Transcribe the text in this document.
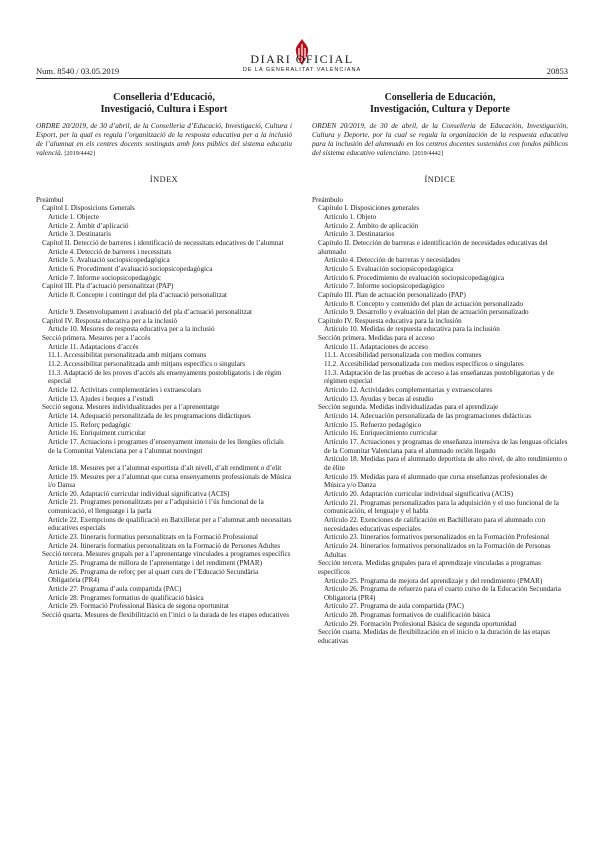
DIARI OFICIAL
DE LA GENERALITAT VALENCIANA
Num. 8540 / 03.05.2019	20853
Conselleria d’Educació,
Investigació, Cultura i Esport
ORDRE 20/2019, de 30 d’abril, de la Conselleria d’Educació, Investigació, Cultura i Esport, per la qual es regula l’organització de la resposta educativa per a la inclusió de l’alumnat en els centres docents sostinguts amb fons públics del sistema educatiu valencià. [2019/4442]
ÍNDEX
Preàmbul
Capítol I. Disposicions Generals
Article 1. Objecte
Article 2. Àmbit d’aplicació
Article 3. Destinataris
Capítol II. Detecció de barreres i identificació de necessitats educatives de l’alumnat
Article 4. Detecció de barreres i necessitats
Article 5. Avaluació sociopsicopedagògica
Article 6. Procediment d’avaluació sociopsicopedagògica
Article 7. Informe sociopsicopedagògic
Capítol III. Pla d’actuació personalitzat (PAP)
Article 8. Concepte i contingut del pla d’actuació personalitzat
Article 9. Desenvolupament i avaluació del pla d’actuació personalitzat
Capítol IV. Resposta educativa per a la inclusió
Article 10. Mesures de resposta educativa per a la inclusió
Secció primera. Mesures per a l’accés
Article 11. Adaptacions d’accés
11.1. Accessibilitat personalitzada amb mitjans comuns
11.2. Accessibilitat personalitzada amb mitjans específics o singulars
11.3. Adaptació de les proves d’accés als ensenyaments postobligatoris i de règim especial
Article 12. Activitats complementàries i extraescolars
Article 13. Ajudes i beques a l’estudi
Secció segona. Mesures individualitzades per a l’aprenentatge
Article 14. Adequació personalitzada de les programacions didàctiques
Article 15. Reforç pedagògic
Article 16. Enriquiment curricular
Article 17. Actuacions i programes d’ensenyament intensiu de les llengües oficials de la Comunitat Valenciana per a l’alumnat nouvingut
Article 18. Mesures per a l’alumnat esportista d’alt nivell, d’alt rendiment o d’elit
Article 19. Mesures per a l’alumnat que cursa ensenyaments professionals de Música i/o Dansa
Article 20. Adaptació curricular individual significativa (ACIS)
Article 21. Programes personalitzats per a l’adquisició i l’ús funcional de la comunicació, el llenguatge i la parla
Article 22. Exempcions de qualificació en Batxillerat per a l’alumnat amb necessitats educatives especials
Article 23. Itineraris formatius personalitzats en la Formació Professional
Article 24. Itineraris formatius personalitzats en la Formació de Persones Adultes
Secció tercera. Mesures grupals per a l’aprenentatge vinculades a programes específics
Article 25. Programa de millora de l’aprenentatge i del rendiment (PMAR)
Article 26. Programa de reforç per al quart curs de l’Educació Secundària Obligatòria (PR4)
Article 27. Programa d’aula compartida (PAC)
Article 28. Programes formatius de qualificació bàsica
Article 29. Formació Professional Bàsica de segona oportunitat
Secció quarta. Mesures de flexibilització en l’inici o la durada de les etapes educatives
Conselleria de Educación,
Investigación, Cultura y Deporte
ORDEN 20/2019, de 30 de abril, de la Conselleria de Educación, Investigación, Cultura y Deporte, por la cual se regula la organización de la respuesta educativa para la inclusión del alumnado en los centros docentes sostenidos con fondos públicos del sistema educativo valenciano. [2019/4442]
ÍNDICE
Preámbulo
Capítulo I. Disposiciones generales
Artículo 1. Objeto
Artículo 2. Ámbito de aplicación
Artículo 3. Destinatarios
Capítulo II. Detección de barreras e identificación de necesidades educativas del alumnado
Artículo 4. Detección de barreras y necesidades
Artículo 5. Evaluación sociopsicopedagógica
Artículo 6. Procedimiento de evaluación sociopsicopedagógica
Artículo 7. Informe sociopsicopedagógico
Capítulo III. Plan de actuación personalizado (PAP)
Artículo 8. Concepto y contenido del plan de actuación personalizado
Artículo 9. Desarrollo y evaluación del plan de actuación personalizado
Capítulo IV. Respuesta educativa para la inclusión
Artículo 10. Medidas de respuesta educativa para la inclusión
Sección primera. Medidas para el acceso
Artículo 11. Adaptaciones de acceso
11.1. Accesibilidad personalizada con medios comunes
11.2. Accesibilidad personalizada con medios específicos o singulares
11.3. Adaptación de las pruebas de acceso a las enseñanzas postobligatorias y de régimen especial
Artículo 12. Actividades complementarias y extraescolares
Artículo 13. Ayudas y becas al estudio
Sección segunda. Medidas individualizadas para el aprendizaje
Artículo 14. Adecuación personalizada de las programaciones didácticas
Artículo 15. Refuerzo pedagógico
Artículo 16. Enriquecimiento curricular
Artículo 17. Actuaciones y programas de enseñanza intensiva de las lenguas oficiales de la Comunitat Valenciana para el alumnado recién llegado
Artículo 18. Medidas para el alumnado deportista de alto nivel, de alto rendimiento o de élite
Artículo 19. Medidas para el alumnado que cursa enseñanzas profesionales de Música y/o Danza
Artículo 20. Adaptación curricular individual significativa (ACIS)
Artículo 21. Programas personalizados para la adquisición y el uso funcional de la comunicación, el lenguaje y el habla
Artículo 22. Exenciones de calificación en Bachillerato para el alumnado con necesidades educativas especiales
Artículo 23. Itinerarios formativos personalizados en la Formación Profesional
Artículo 24. Itinerarios formativos personalizados en la Formación de Personas Adultas
Sección tercera. Medidas grupales para el aprendizaje vinculadas a programas específicos
Artículo 25. Programa de mejora del aprendizaje y del rendimiento (PMAR)
Artículo 26. Programa de refuerzo para el cuarto curso de la Educación Secundaria Obligatoria (PR4)
Artículo 27. Programa de aula compartida (PAC)
Artículo 28. Programas formativos de cualificación básica
Artículo 29. Formación Profesional Básica de segunda oportunidad
Sección cuarta. Medidas de flexibilización en el inicio o la duración de las etapas educativas
